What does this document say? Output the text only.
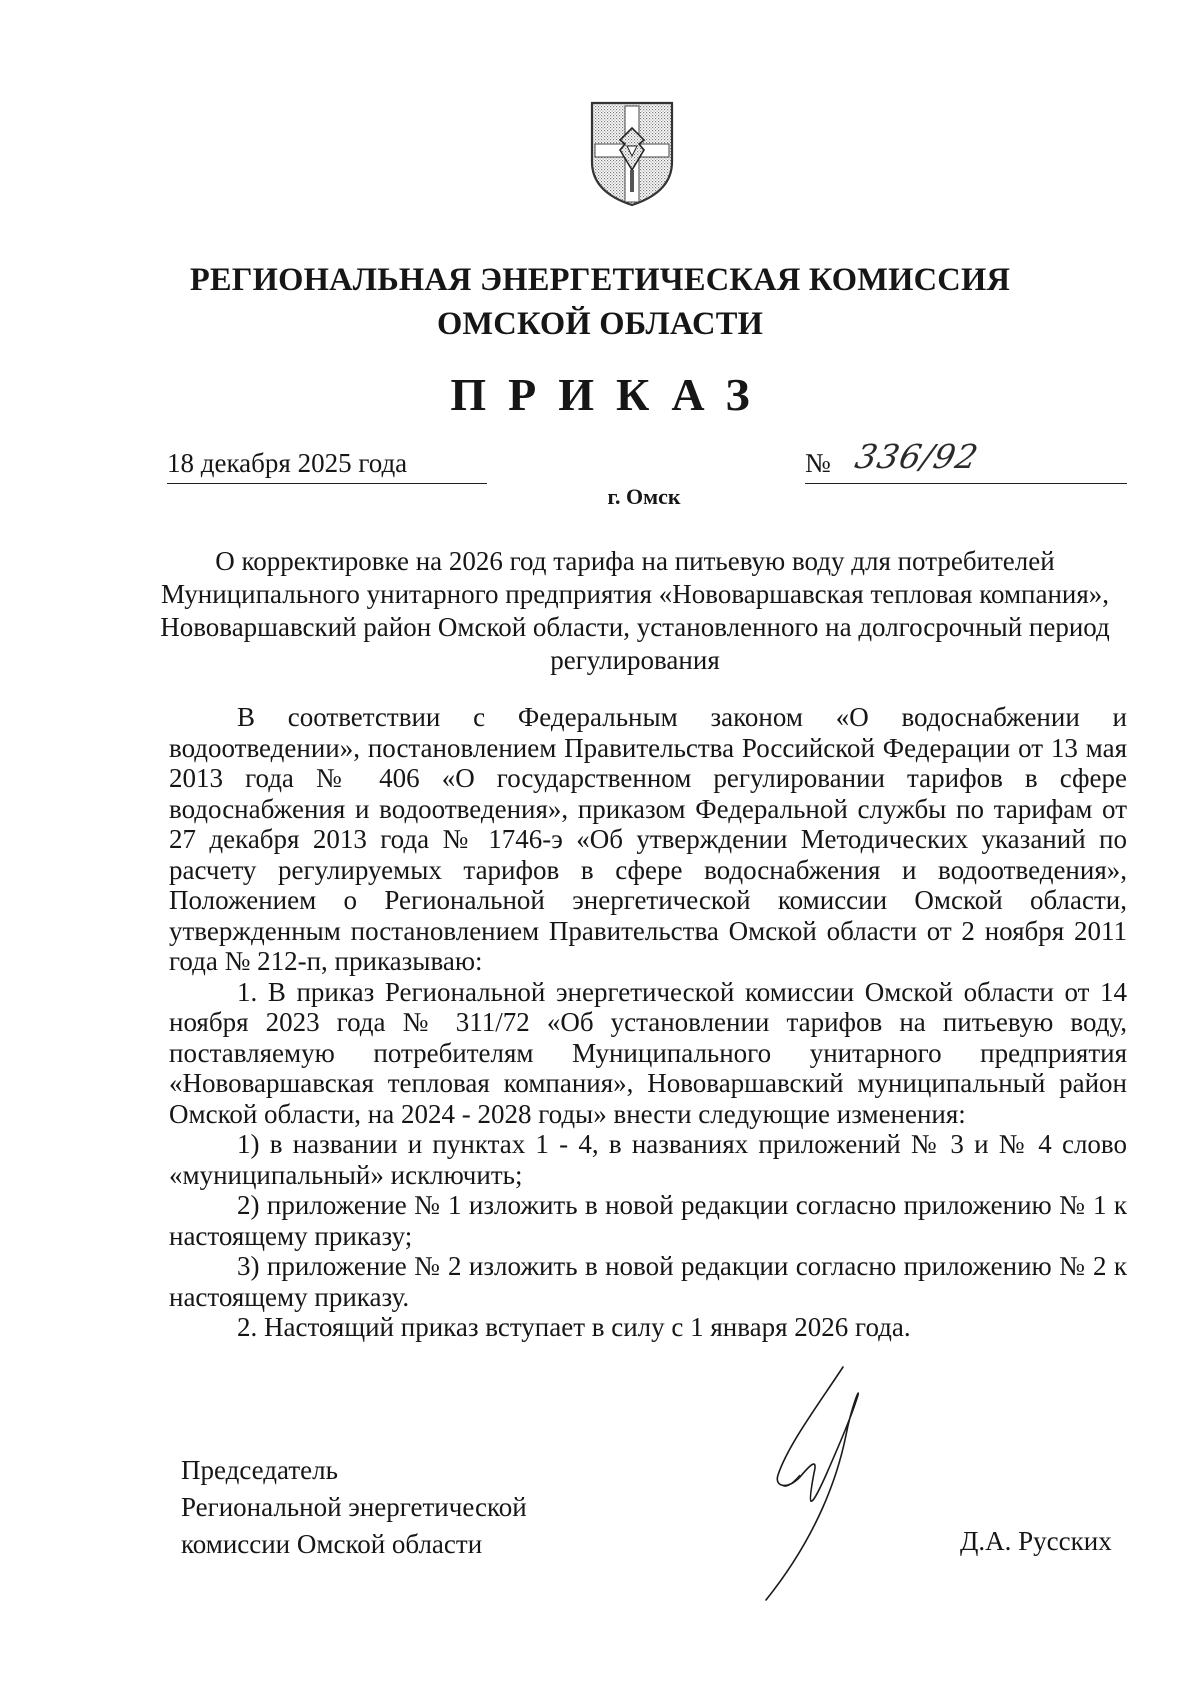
РЕГИОНАЛЬНАЯ ЭНЕРГЕТИЧЕСКАЯ КОМИССИЯ
ОМСКОЙ ОБЛАСТИ
ПРИКАЗ
18 декабря 2025 года	№ 336/92
г. Омск
О корректировке на 2026 год тарифа на питьевую воду для потребителей Муниципального унитарного предприятия «Нововаршавская тепловая компания», Нововаршавский район Омской области, установленного на долгосрочный период регулирования

В соответствии с Федеральным законом «О водоснабжении и водоотведении», постановлением Правительства Российской Федерации от 13 мая 2013 года № 406 «О государственном регулировании тарифов в сфере водоснабжения и водоотведения», приказом Федеральной службы по тарифам от 27 декабря 2013 года № 1746-э «Об утверждении Методических указаний по расчету регулируемых тарифов в сфере водоснабжения и водоотведения», Положением о Региональной энергетической комиссии Омской области, утвержденным постановлением Правительства Омской области от 2 ноября 2011 года № 212-п, приказываю:

1. В приказ Региональной энергетической комиссии Омской области от 14 ноября 2023 года № 311/72 «Об установлении тарифов на питьевую воду, поставляемую потребителям Муниципального унитарного предприятия «Нововаршавская тепловая компания», Нововаршавский муниципальный район Омской области, на 2024 - 2028 годы» внести следующие изменения:

1) в названии и пунктах 1 - 4, в названиях приложений № 3 и № 4 слово «муниципальный» исключить;

2) приложение № 1 изложить в новой редакции согласно приложению № 1 к настоящему приказу;

3) приложение № 2 изложить в новой редакции согласно приложению № 2 к настоящему приказу.

2. Настоящий приказ вступает в силу с 1 января 2026 года.

Председатель
Региональной энергетической
комиссии Омской области	Д.А. Русских
